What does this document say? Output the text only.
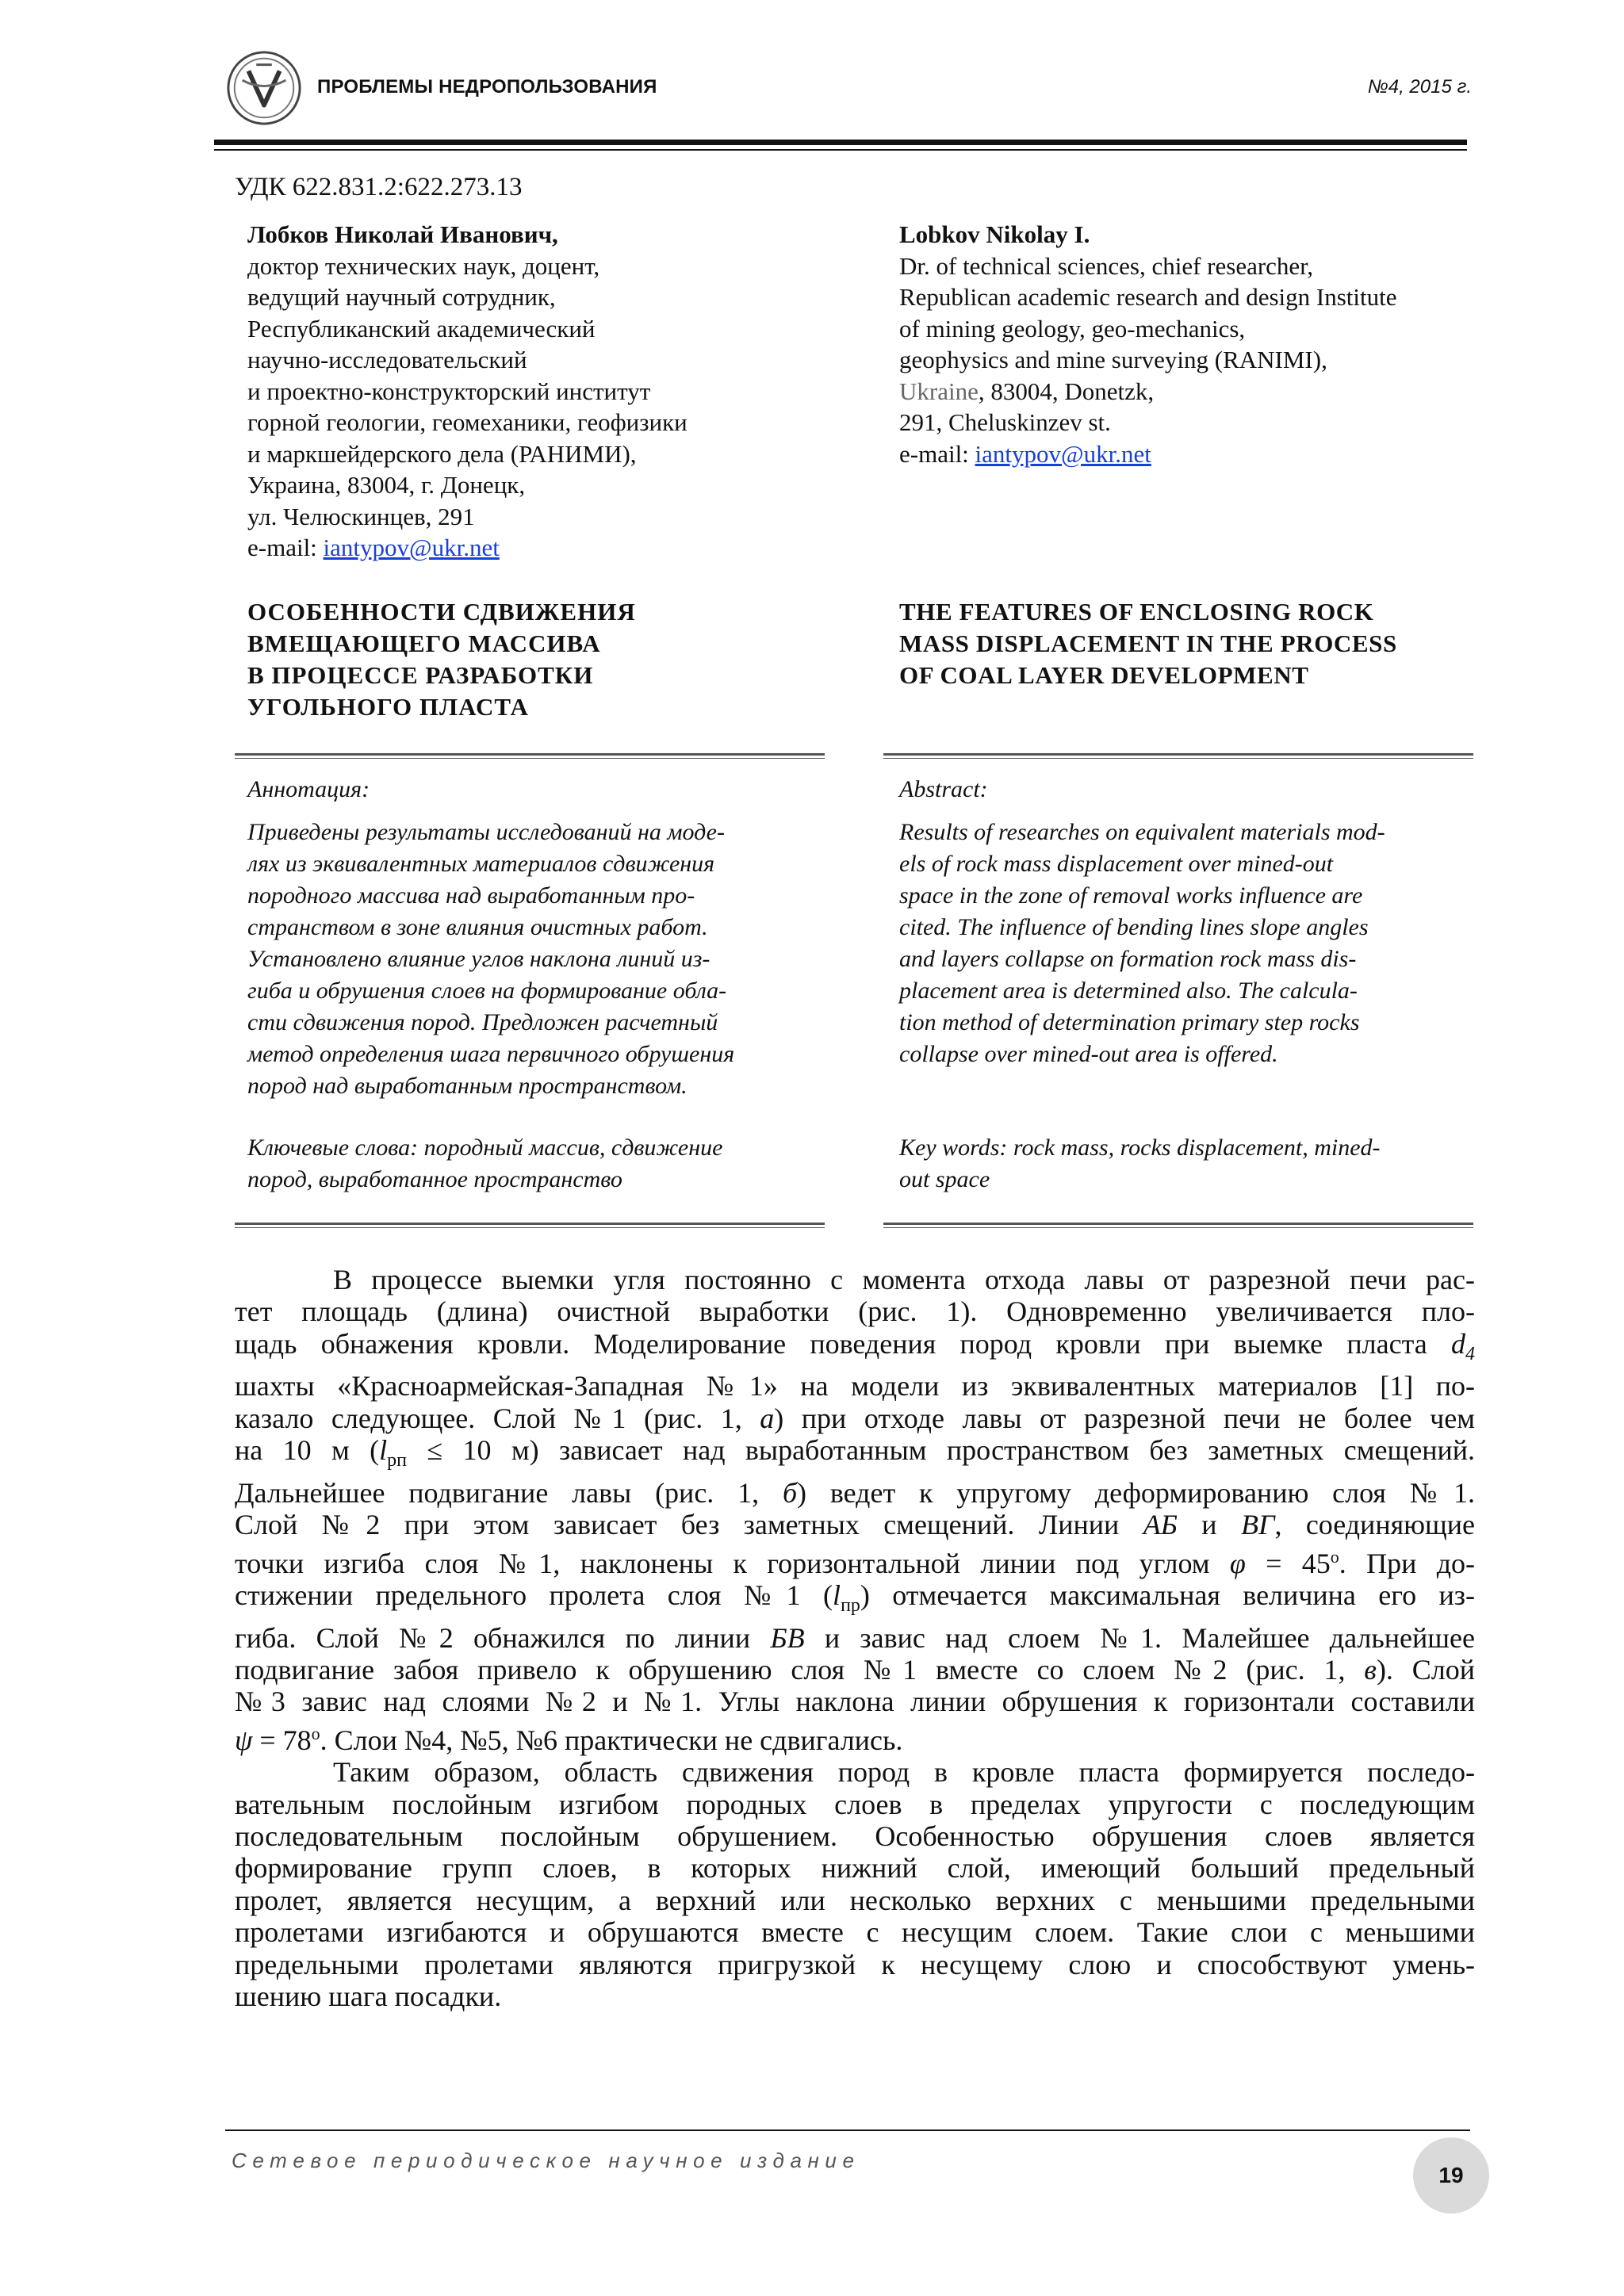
ПРОБЛЕМЫ НЕДРОПОЛЬЗОВАНИЯ	№4, 2015 г.
УДК 622.831.2:622.273.13
Лобков Николай Иванович,
доктор технических наук, доцент,
ведущий научный сотрудник,
Республиканский академический
научно-исследовательский
и проектно-конструкторский институт
горной геологии, геомеханики, геофизики
и маркшейдерского дела (РАНИМИ),
Украина, 83004, г. Донецк,
ул. Челюскинцев, 291
e-mail: iantypov@ukr.net
Lobkov Nikolay I.
Dr. of technical sciences, chief researcher,
Republican academic research and design Institute
of mining geology, geo-mechanics,
geophysics and mine surveying (RANIMI),
Ukraine, 83004, Donetzk,
291, Cheluskinzev st.
e-mail: iantypov@ukr.net
ОСОБЕННОСТИ СДВИЖЕНИЯ
ВМЕЩАЮЩЕГО МАССИВА
В ПРОЦЕССЕ РАЗРАБОТКИ
УГОЛЬНОГО ПЛАСТА
THE FEATURES OF ENCLOSING ROCK
MASS DISPLACEMENT IN THE PROCESS
OF COAL LAYER DEVELOPMENT
Аннотация:	Abstract:
Приведены результаты исследований на моде-
лях из эквивалентных материалов сдвижения
породного массива над выработанным про-
странством в зоне влияния очистных работ.
Установлено влияние углов наклона линий из-
гиба и обрушения слоев на формирование обла-
сти сдвижения пород. Предложен расчетный
метод определения шага первичного обрушения
пород над выработанным пространством.
Results of researches on equivalent materials mod-
els of rock mass displacement over mined-out
space in the zone of removal works influence are
cited. The influence of bending lines slope angles
and layers collapse on formation rock mass dis-
placement area is determined also. The calcula-
tion method of determination primary step rocks
collapse over mined-out area is offered.
Ключевые слова: породный массив, сдвижение
пород, выработанное пространство
Key words: rock mass, rocks displacement, mined-
out space

В процессе выемки угля постоянно с момента отхода лавы от разрезной печи рас-
тет площадь (длина) очистной выработки (рис. 1). Одновременно увеличивается пло-
щадь обнажения кровли. Моделирование поведения пород кровли при выемке пласта $d_4$
шахты «Красноармейская-Западная №1» на модели из эквивалентных материалов [1] по-
казало следующее. Слой №1 (рис. 1, а) при отходе лавы от разрезной печи не более чем
на 10 м ($l_{рп} \le 10$ м) зависает над выработанным пространством без заметных смещений.
Дальнейшее подвигание лавы (рис. 1, б) ведет к упругому деформированию слоя №1.
Слой №2 при этом зависает без заметных смещений. Линии АБ и ВГ, соединяющие
точки изгиба слоя №1, наклонены к горизонтальной линии под углом $\varphi = 45^о$. При до-
стижении предельного пролета слоя №1 $(l_{пр})$ отмечается максимальная величина его из-
гиба. Слой №2 обнажился по линии БВ и завис над слоем №1. Малейшее дальнейшее
подвигание забоя привело к обрушению слоя №1 вместе со слоем №2 (рис. 1, в). Слой
№3 завис над слоями №2 и №1. Углы наклона линии обрушения к горизонтали составили
$\psi = 78^о$. Слои №4, №5, №6 практически не сдвигались.

Таким образом, область сдвижения пород в кровле пласта формируется последо-
вательным послойным изгибом породных слоев в пределах упругости с последующим
последовательным послойным обрушением. Особенностью обрушения слоев является
формирование групп слоев, в которых нижний слой, имеющий больший предельный
пролет, является несущим, а верхний или несколько верхних с меньшими предельными
пролетами изгибаются и обрушаются вместе с несущим слоем. Такие слои с меньшими
предельными пролетами являются пригрузкой к несущему слою и способствуют умень-
шению шага посадки.

Сетевое периодическое научное издание
19
